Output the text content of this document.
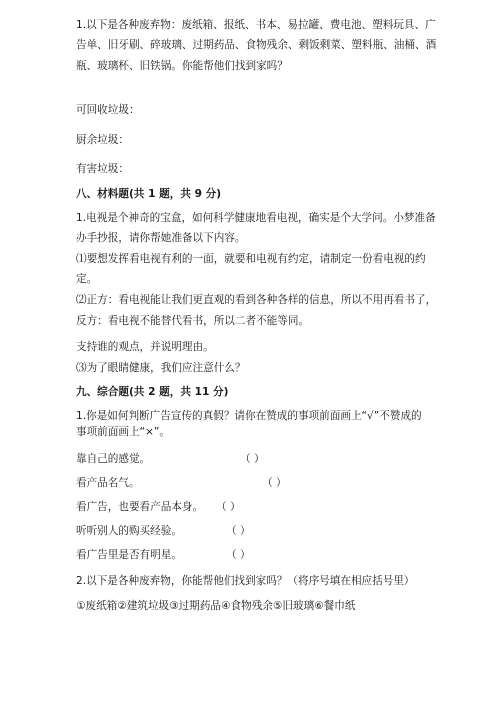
1.以下是各种废弃物：废纸箱、报纸、书本、易拉罐、费电池、塑料玩具、广
告单、旧牙刷、碎玻璃、过期药品、食物残余、剩饭剩菜、塑料瓶、油桶、酒
瓶、玻璃杯、旧铁锅。你能帮他们找到家吗？
可回收垃圾：
厨余垃圾：
有害垃圾：
八、材料题(共 1 题，共 9 分)
1.电视是个神奇的宝盒，如何科学健康地看电视，确实是个大学问。小梦准备
办手抄报，请你帮她准备以下内容。
⑴要想发挥看电视有利的一面，就要和电视有约定，请制定一份看电视的约
定。
⑵正方：看电视能让我们更直观的看到各种各样的信息，所以不用再看书了，
反方：看电视不能替代看书，所以二者不能等同。
支持谁的观点，并说明理由。
⑶为了眼睛健康，我们应注意什么？
九、综合题(共 2 题，共 11 分)
1.你是如何判断广告宣传的真假？请你在赞成的事项前面画上“√”不赞成的
事项前面画上“×”。
靠自己的感觉。	（ ）
看产品名气。	（ ）
看广告，也要看产品本身。 （ ）
听听别人的购买经验。	（ ）
看广告里是否有明星。	（ ）
2.以下是各种废弃物，你能帮他们找到家吗？（将序号填在相应括号里）
①废纸箱②建筑垃圾③过期药品④食物残余⑤旧玻璃⑥餐巾纸
